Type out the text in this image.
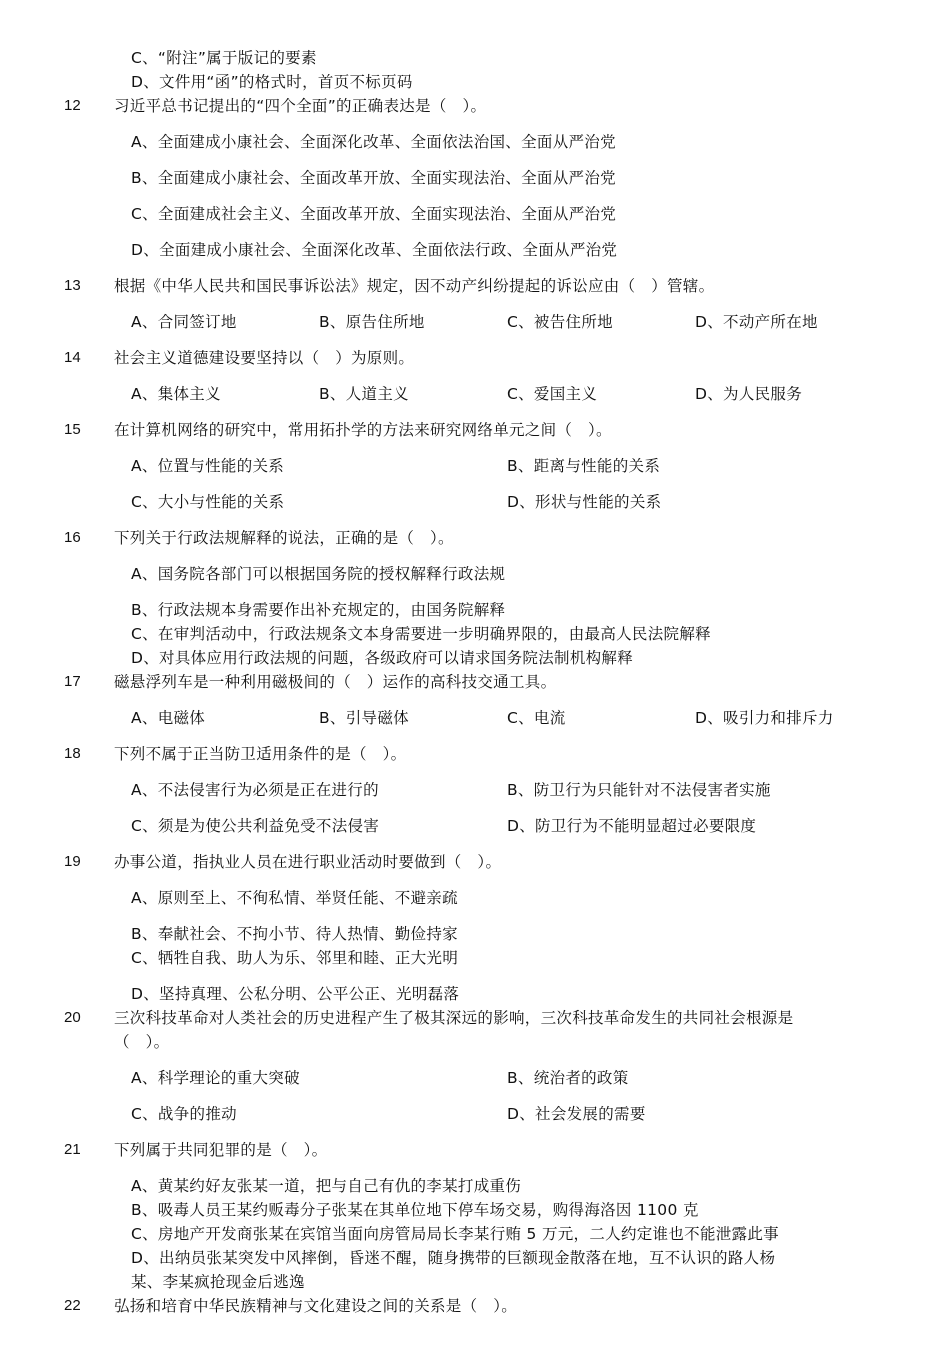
C、“附注”属于版记的要素
D、文件用“函”的格式时，首页不标页码
12 习近平总书记提出的“四个全面”的正确表达是（　）。
A、全面建成小康社会、全面深化改革、全面依法治国、全面从严治党
B、全面建成小康社会、全面改革开放、全面实现法治、全面从严治党
C、全面建成社会主义、全面改革开放、全面实现法治、全面从严治党
D、全面建成小康社会、全面深化改革、全面依法行政、全面从严治党
13 根据《中华人民共和国民事诉讼法》规定，因不动产纠纷提起的诉讼应由（　）管辖。
A、合同签订地	B、原告住所地	C、被告住所地	D、不动产所在地
14 社会主义道德建设要坚持以（　）为原则。
A、集体主义	B、人道主义	C、爱国主义	D、为人民服务
15 在计算机网络的研究中，常用拓扑学的方法来研究网络单元之间（　）。
A、位置与性能的关系	B、距离与性能的关系
C、大小与性能的关系	D、形状与性能的关系
16 下列关于行政法规解释的说法，正确的是（　）。
A、国务院各部门可以根据国务院的授权解释行政法规
B、行政法规本身需要作出补充规定的，由国务院解释
C、在审判活动中，行政法规条文本身需要进一步明确界限的，由最高人民法院解释
D、对具体应用行政法规的问题，各级政府可以请求国务院法制机构解释
17 磁悬浮列车是一种利用磁极间的（　）运作的高科技交通工具。
A、电磁体	B、引导磁体	C、电流	D、吸引力和排斥力
18 下列不属于正当防卫适用条件的是（　）。
A、不法侵害行为必须是正在进行的	B、防卫行为只能针对不法侵害者实施
C、须是为使公共利益免受不法侵害	D、防卫行为不能明显超过必要限度
19 办事公道，指执业人员在进行职业活动时要做到（　）。
A、原则至上、不徇私情、举贤任能、不避亲疏
B、奉献社会、不拘小节、待人热情、勤俭持家
C、牺牲自我、助人为乐、邻里和睦、正大光明
D、坚持真理、公私分明、公平公正、光明磊落
20 三次科技革命对人类社会的历史进程产生了极其深远的影响，三次科技革命发生的共同社会根源是
（　）。
A、科学理论的重大突破	B、统治者的政策
C、战争的推动	D、社会发展的需要
21 下列属于共同犯罪的是（　）。
A、黄某约好友张某一道，把与自己有仇的李某打成重伤
B、吸毒人员王某约贩毒分子张某在其单位地下停车场交易，购得海洛因 1100 克
C、房地产开发商张某在宾馆当面向房管局局长李某行贿 5 万元，二人约定谁也不能泄露此事
D、出纳员张某突发中风摔倒，昏迷不醒，随身携带的巨额现金散落在地，互不认识的路人杨
某、李某疯抢现金后逃逸
22 弘扬和培育中华民族精神与文化建设之间的关系是（　）。
